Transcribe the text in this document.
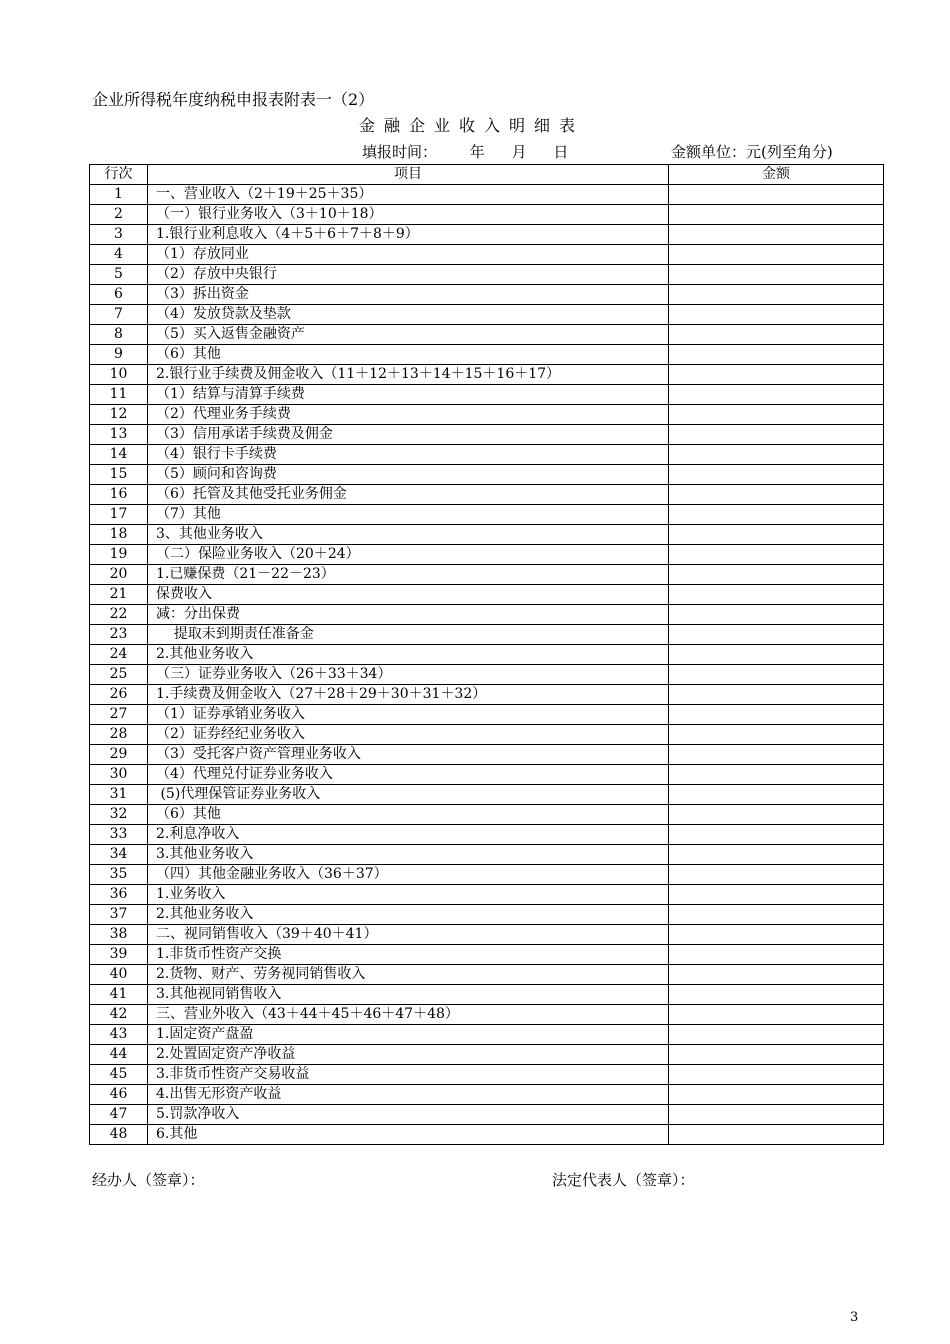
企业所得税年度纳税申报表附表一（2）
金融企业收入明细表
填报时间： 年 月 日	金额单位：元(列至角分)
行次	项目	金额
1	一、营业收入（2＋19＋25＋35）	
2	（一）银行业务收入（3＋10＋18）	
3	1.银行业利息收入（4＋5＋6＋7＋8＋9）	
4	（1）存放同业	
5	（2）存放中央银行	
6	（3）拆出资金	
7	（4）发放贷款及垫款	
8	（5）买入返售金融资产	
9	（6）其他	
10	2.银行业手续费及佣金收入（11＋12＋13＋14＋15＋16＋17）	
11	（1）结算与清算手续费	
12	（2）代理业务手续费	
13	（3）信用承诺手续费及佣金	
14	（4）银行卡手续费	
15	（5）顾问和咨询费	
16	（6）托管及其他受托业务佣金	
17	（7）其他	
18	3、其他业务收入	
19	（二）保险业务收入（20＋24）	
20	1.已赚保费（21－22－23）	
21	保费收入	
22	减：分出保费	
23	提取未到期责任准备金	
24	2.其他业务收入	
25	（三）证券业务收入（26＋33＋34）	
26	1.手续费及佣金收入（27＋28＋29＋30＋31＋32）	
27	（1）证券承销业务收入	
28	（2）证券经纪业务收入	
29	（3）受托客户资产管理业务收入	
30	（4）代理兑付证券业务收入	
31	(5)代理保管证券业务收入	
32	（6）其他	
33	2.利息净收入	
34	3.其他业务收入	
35	（四）其他金融业务收入（36＋37）	
36	1.业务收入	
37	2.其他业务收入	
38	二、视同销售收入（39＋40＋41）	
39	1.非货币性资产交换	
40	2.货物、财产、劳务视同销售收入	
41	3.其他视同销售收入	
42	三、营业外收入（43＋44＋45＋46＋47＋48）	
43	1.固定资产盘盈	
44	2.处置固定资产净收益	
45	3.非货币性资产交易收益	
46	4.出售无形资产收益	
47	5.罚款净收入	
48	6.其他	
经办人（签章）：	法定代表人（签章）：
3
